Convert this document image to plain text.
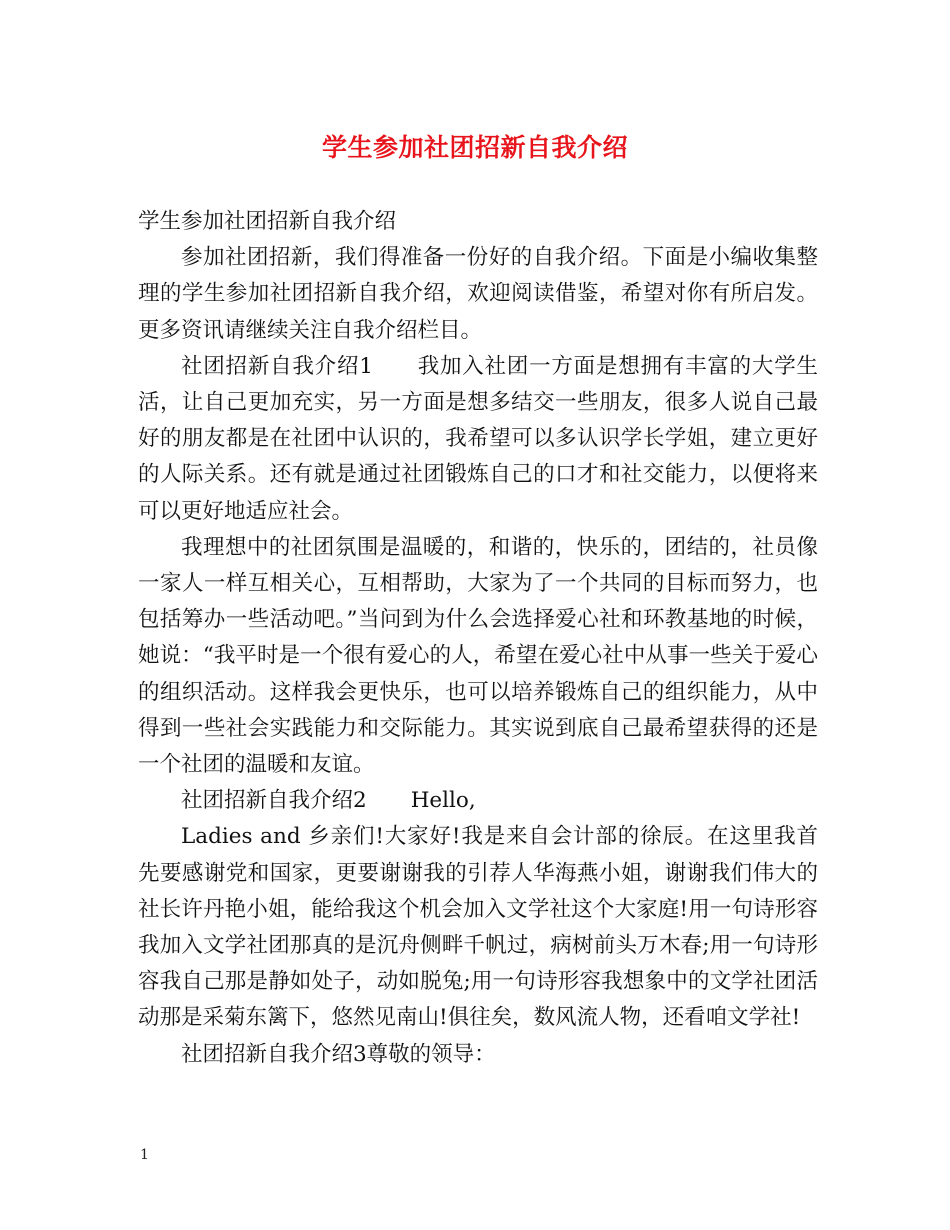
学生参加社团招新自我介绍

学生参加社团招新自我介绍

参加社团招新，我们得准备一份好的自我介绍。下面是小编收集整理的学生参加社团招新自我介绍，欢迎阅读借鉴，希望对你有所启发。更多资讯请继续关注自我介绍栏目。

社团招新自我介绍1 我加入社团一方面是想拥有丰富的大学生活，让自己更加充实，另一方面是想多结交一些朋友，很多人说自己最好的朋友都是在社团中认识的，我希望可以多认识学长学姐，建立更好的人际关系。还有就是通过社团锻炼自己的口才和社交能力，以便将来可以更好地适应社会。

我理想中的社团氛围是温暖的，和谐的，快乐的，团结的，社员像一家人一样互相关心，互相帮助，大家为了一个共同的目标而努力，也包括筹办一些活动吧。”当问到为什么会选择爱心社和环教基地的时候，她说：“我平时是一个很有爱心的人，希望在爱心社中从事一些关于爱心的组织活动。这样我会更快乐，也可以培养锻炼自己的组织能力，从中得到一些社会实践能力和交际能力。其实说到底自己最希望获得的还是一个社团的温暖和友谊。

社团招新自我介绍2 Hello,

Ladies and 乡亲们!大家好!我是来自会计部的徐辰。在这里我首先要感谢党和国家，更要谢谢我的引荐人华海燕小姐，谢谢我们伟大的社长许丹艳小姐，能给我这个机会加入文学社这个大家庭!用一句诗形容我加入文学社团那真的是沉舟侧畔千帆过，病树前头万木春;用一句诗形容我自己那是静如处子，动如脱兔;用一句诗形容我想象中的文学社团活动那是采菊东篱下，悠然见南山!俱往矣，数风流人物，还看咱文学社!

社团招新自我介绍3尊敬的领导：

1
